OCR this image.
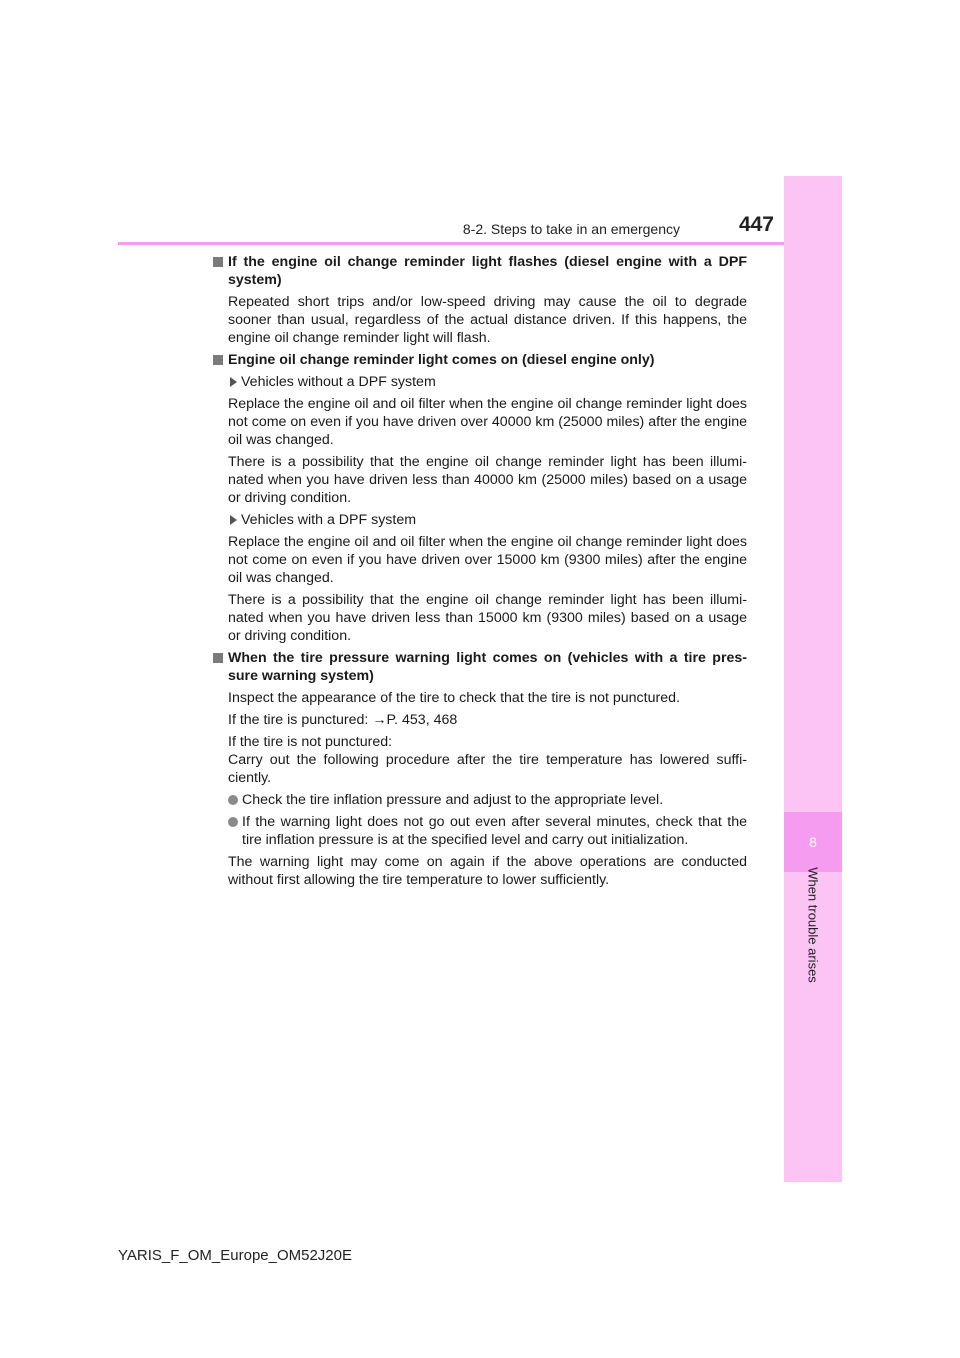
8
When trouble arises
8-2. Steps to take in an emergency	447
If the engine oil change reminder light flashes (diesel engine with a DPF system)
Repeated short trips and/or low-speed driving may cause the oil to degrade sooner than usual, regardless of the actual distance driven. If this happens, the engine oil change reminder light will flash.
Engine oil change reminder light comes on (diesel engine only)
Vehicles without a DPF system
Replace the engine oil and oil filter when the engine oil change reminder light does not come on even if you have driven over 40000 km (25000 miles) after the engine oil was changed.
There is a possibility that the engine oil change reminder light has been illumi- nated when you have driven less than 40000 km (25000 miles) based on a usage or driving condition.
Vehicles with a DPF system
Replace the engine oil and oil filter when the engine oil change reminder light does not come on even if you have driven over 15000 km (9300 miles) after the engine oil was changed.
There is a possibility that the engine oil change reminder light has been illumi- nated when you have driven less than 15000 km (9300 miles) based on a usage or driving condition.
When the tire pressure warning light comes on (vehicles with a tire pres- sure warning system)
Inspect the appearance of the tire to check that the tire is not punctured.
If the tire is punctured: →P. 453, 468
If the tire is not punctured:
Carry out the following procedure after the tire temperature has lowered suffi- ciently.
Check the tire inflation pressure and adjust to the appropriate level.
If the warning light does not go out even after several minutes, check that the tire inflation pressure is at the specified level and carry out initialization.
The warning light may come on again if the above operations are conducted without first allowing the tire temperature to lower sufficiently.
YARIS_F_OM_Europe_OM52J20E
